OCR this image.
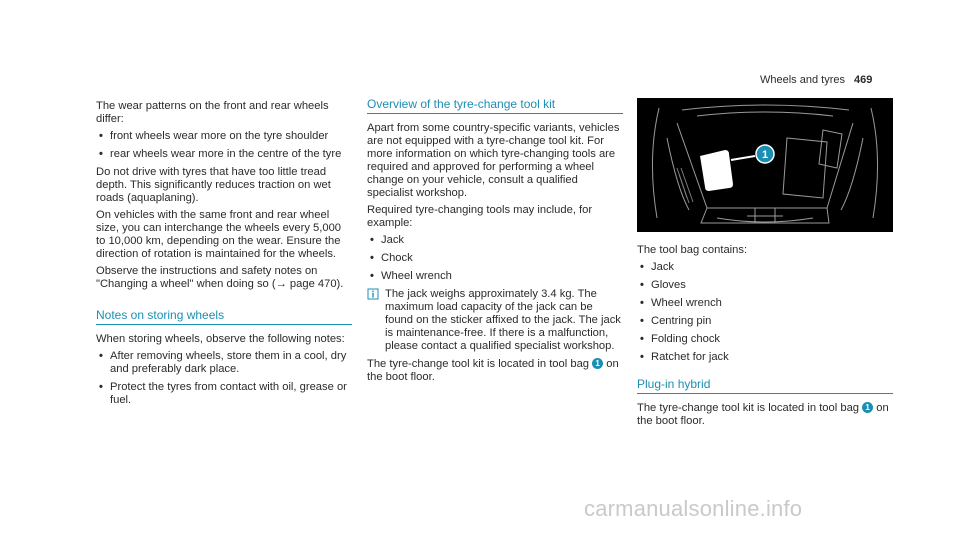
Wheels and tyres 469

The wear patterns on the front and rear wheels differ:

• front wheels wear more on the tyre shoulder
• rear wheels wear more in the centre of the tyre

Do not drive with tyres that have too little tread depth. This significantly reduces traction on wet roads (aquaplaning).

On vehicles with the same front and rear wheel size, you can interchange the wheels every 5,000 to 10,000 km, depending on the wear. Ensure the direction of rotation is maintained for the wheels.

Observe the instructions and safety notes on "Changing a wheel" when doing so (→ page 470).

Notes on storing wheels

When storing wheels, observe the following notes:

• After removing wheels, store them in a cool, dry and preferably dark place.
• Protect the tyres from contact with oil, grease or fuel.
Overview of the tyre-change tool kit

Apart from some country-specific variants, vehicles are not equipped with a tyre-change tool kit. For more information on which tyre-changing tools are required and approved for performing a wheel change on your vehicle, consult a qualified specialist workshop.

Required tyre-changing tools may include, for example:

• Jack
• Chock
• Wheel wrench
The jack weighs approximately 3.4 kg. The maximum load capacity of the jack can be found on the sticker affixed to the jack. The jack is maintenance-free. If there is a malfunction, please contact a qualified specialist workshop.

The tyre-change tool kit is located in tool bag 1 on the boot floor.

1

The tool bag contains:

• Jack
• Gloves
• Wheel wrench
• Centring pin
• Folding chock
• Ratchet for jack
Plug-in hybrid

The tyre-change tool kit is located in tool bag 1 on the boot floor.

carmanualsonline.info
